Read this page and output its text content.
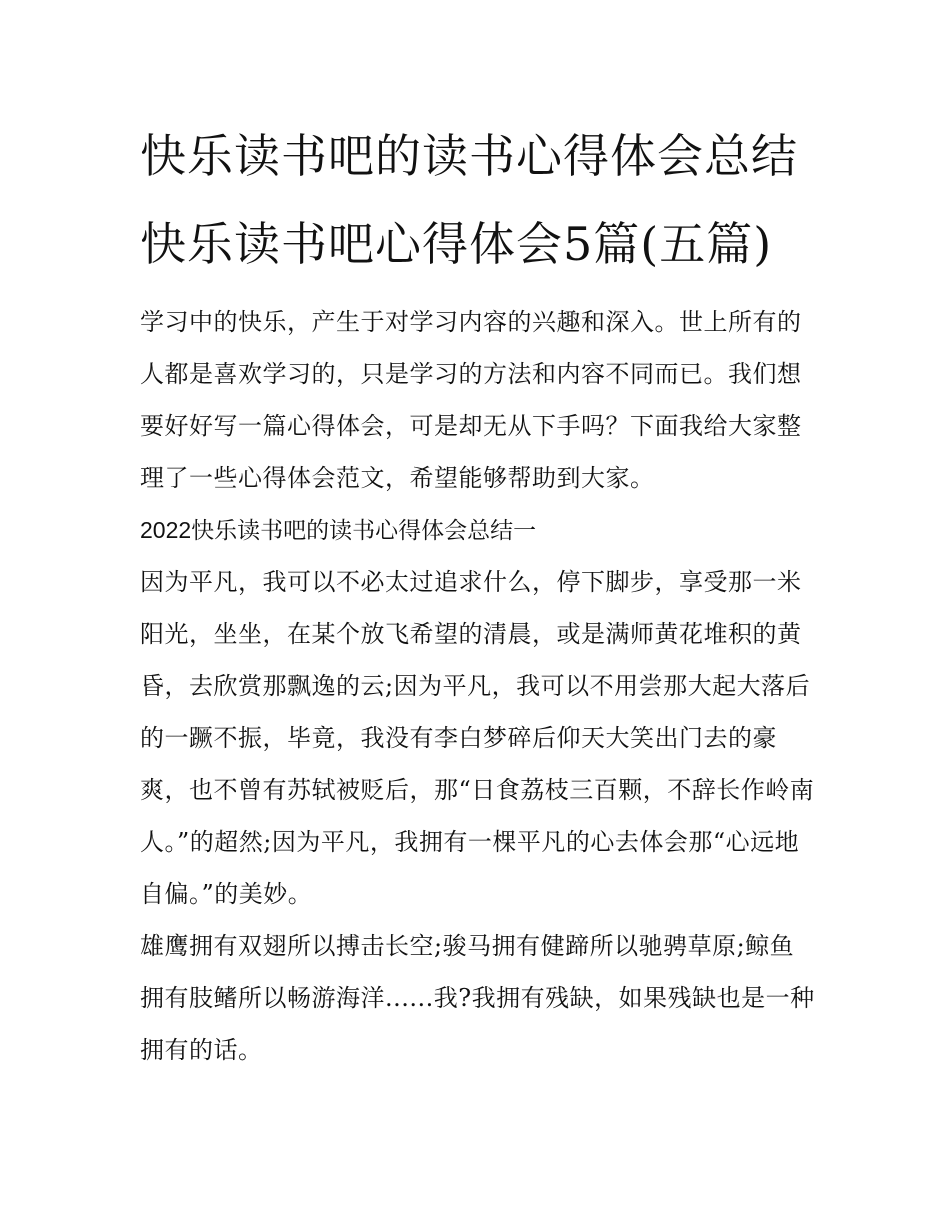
快乐读书吧的读书心得体会总结 快乐读书吧心得体会5篇(五篇)

学习中的快乐，产生于对学习内容的兴趣和深入。世上所有的人都是喜欢学习的，只是学习的方法和内容不同而已。我们想要好好写一篇心得体会，可是却无从下手吗？下面我给大家整理了一些心得体会范文，希望能够帮助到大家。

2022快乐读书吧的读书心得体会总结一

因为平凡，我可以不必太过追求什么，停下脚步，享受那一米阳光，坐坐，在某个放飞希望的清晨，或是满师黄花堆积的黄昏，去欣赏那飘逸的云;因为平凡，我可以不用尝那大起大落后的一蹶不振，毕竟，我没有李白梦碎后仰天大笑出门去的豪爽，也不曾有苏轼被贬后，那“日食荔枝三百颗，不辞长作岭南人。”的超然;因为平凡，我拥有一棵平凡的心去体会那“心远地自偏。”的美妙。

雄鹰拥有双翅所以搏击长空;骏马拥有健蹄所以驰骋草原;鲸鱼拥有肢鳍所以畅游海洋......我?我拥有残缺，如果残缺也是一种拥有的话。
